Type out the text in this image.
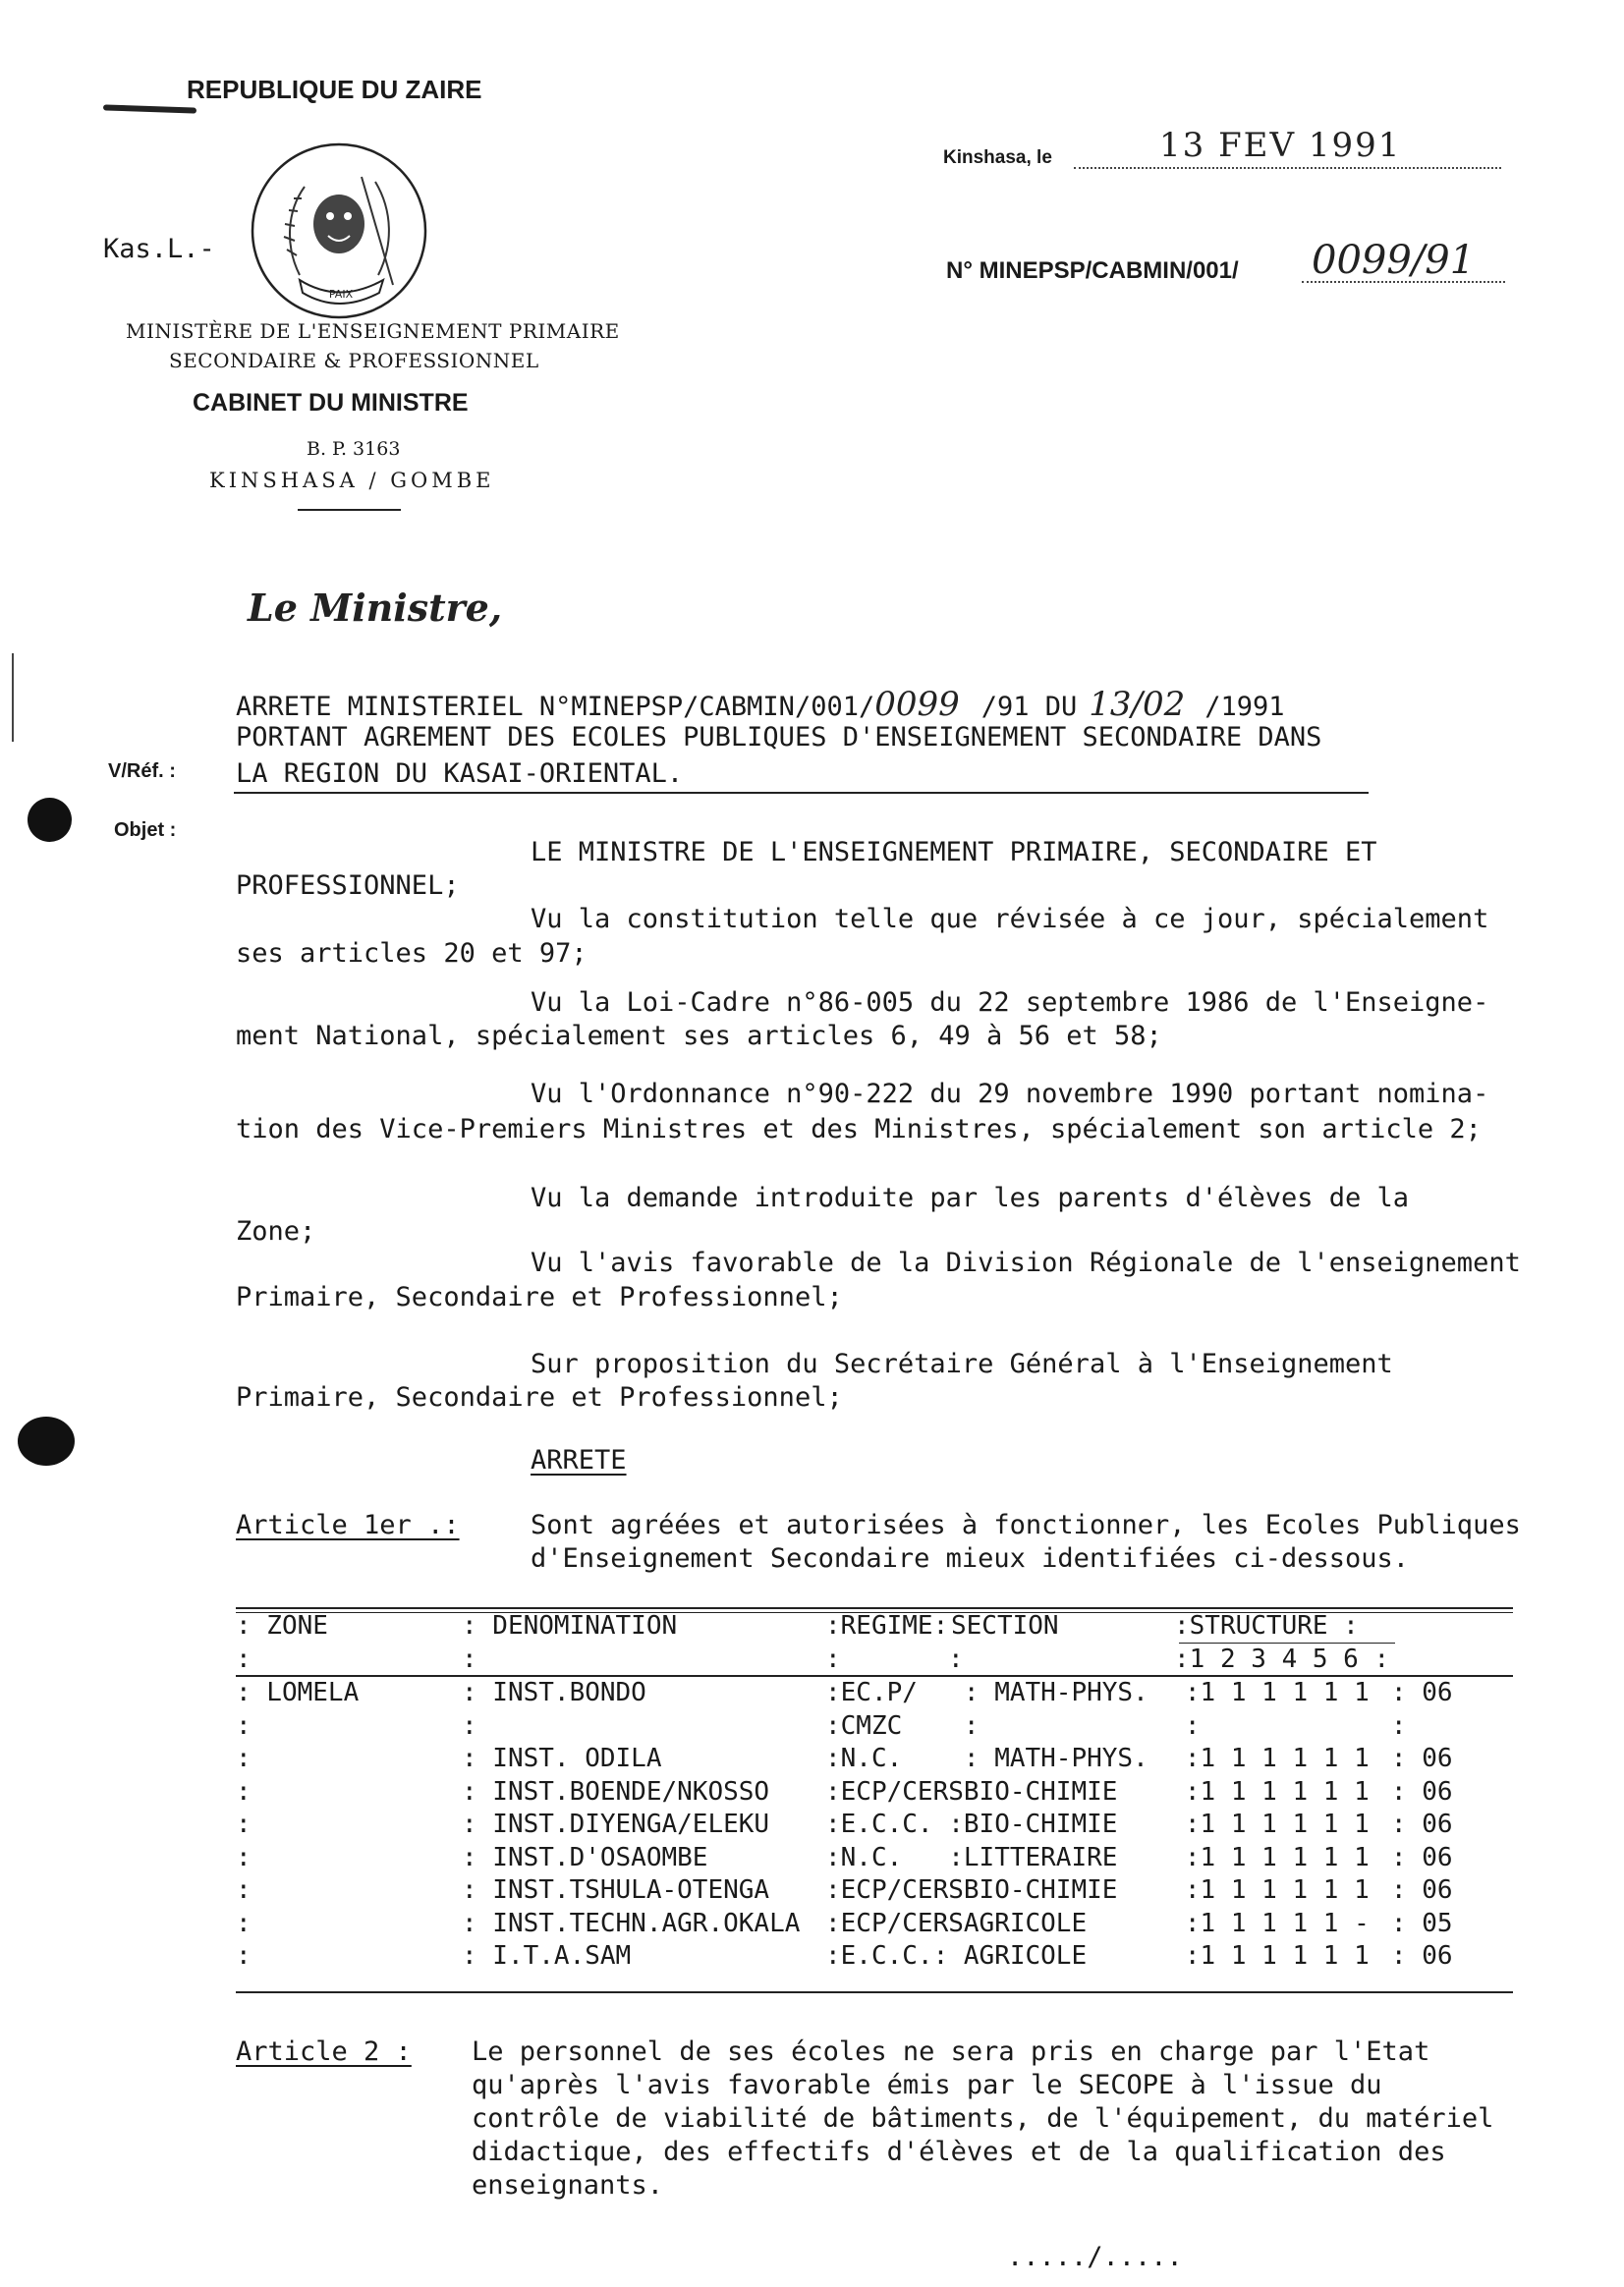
REPUBLIQUE DU ZAIRE
PAIX
Kas.L.-
MINISTÈRE DE L'ENSEIGNEMENT PRIMAIRE
SECONDAIRE & PROFESSIONNEL
CABINET DU MINISTRE
B. P. 3163
KINSHASA / GOMBE
Kinshasa, le	13 FEV 1991
N° MINEPSP/CABMIN/001/ 0099/91
Le Ministre,
ARRETE MINISTERIEL N°MINEPSP/CABMIN/001/0099 /91 DU 13/02 /1991
PORTANT AGREMENT DES ECOLES PUBLIQUES D'ENSEIGNEMENT SECONDAIRE DANS
V/Réf. : LA REGION DU KASAI-ORIENTAL.
Objet :
LE MINISTRE DE L'ENSEIGNEMENT PRIMAIRE, SECONDAIRE ET
PROFESSIONNEL;
Vu la constitution telle que révisée à ce jour, spécialement
ses articles 20 et 97;
Vu la Loi-Cadre n°86-005 du 22 septembre 1986 de l'Enseigne-
ment National, spécialement ses articles 6, 49 à 56 et 58;
Vu l'Ordonnance n°90-222 du 29 novembre 1990 portant nomina-
tion des Vice-Premiers Ministres et des Ministres, spécialement son article 2;
Vu la demande introduite par les parents d'élèves de la
Zone;
Vu l'avis favorable de la Division Régionale de l'enseignement
Primaire, Secondaire et Professionnel;
Sur proposition du Secrétaire Général à l'Enseignement
Primaire, Secondaire et Professionnel;
ARRETE
Article 1er .:	Sont agréées et autorisées à fonctionner, les Ecoles Publiques
d'Enseignement Secondaire mieux identifiées ci-dessous.
: ZONE	: DENOMINATION	:REGIME: SECTION	:STRUCTURE :
:	:	:	:	:1 2 3 4 5 6 :
: LOMELA	: INST.BONDO	:EC.P/	: MATH-PHYS.	:1 1 1 1 1 1	: 06
:	:	:CMZC	:	:	:
:	: INST. ODILA	:N.C.	: MATH-PHYS.	:1 1 1 1 1 1	: 06
:	: INST.BOENDE/NKOSSO	:ECP/CERS	BIO-CHIMIE	:1 1 1 1 1 1	: 06
:	: INST.DIYENGA/ELEKU	:E.C.C. :	BIO-CHIMIE	:1 1 1 1 1 1	: 06
:	: INST.D'OSAOMBE	:N.C.   :	LITTERAIRE	:1 1 1 1 1 1	: 06
:	: INST.TSHULA-OTENGA	:ECP/CERS	BIO-CHIMIE	:1 1 1 1 1 1	: 06
:	: INST.TECHN.AGR.OKALA	:ECP/CERS	AGRICOLE	:1 1 1 1 1 -	: 05
:	: I.T.A.SAM	:E.C.C.:	AGRICOLE	:1 1 1 1 1 1	: 06
Article 2 : Le personnel de ses écoles ne sera pris en charge par l'Etat
qu'après l'avis favorable émis par le SECOPE à l'issue du
contrôle de viabilité de bâtiments, de l'équipement, du matériel
didactique, des effectifs d'élèves et de la qualification des
enseignants.
...../.....
